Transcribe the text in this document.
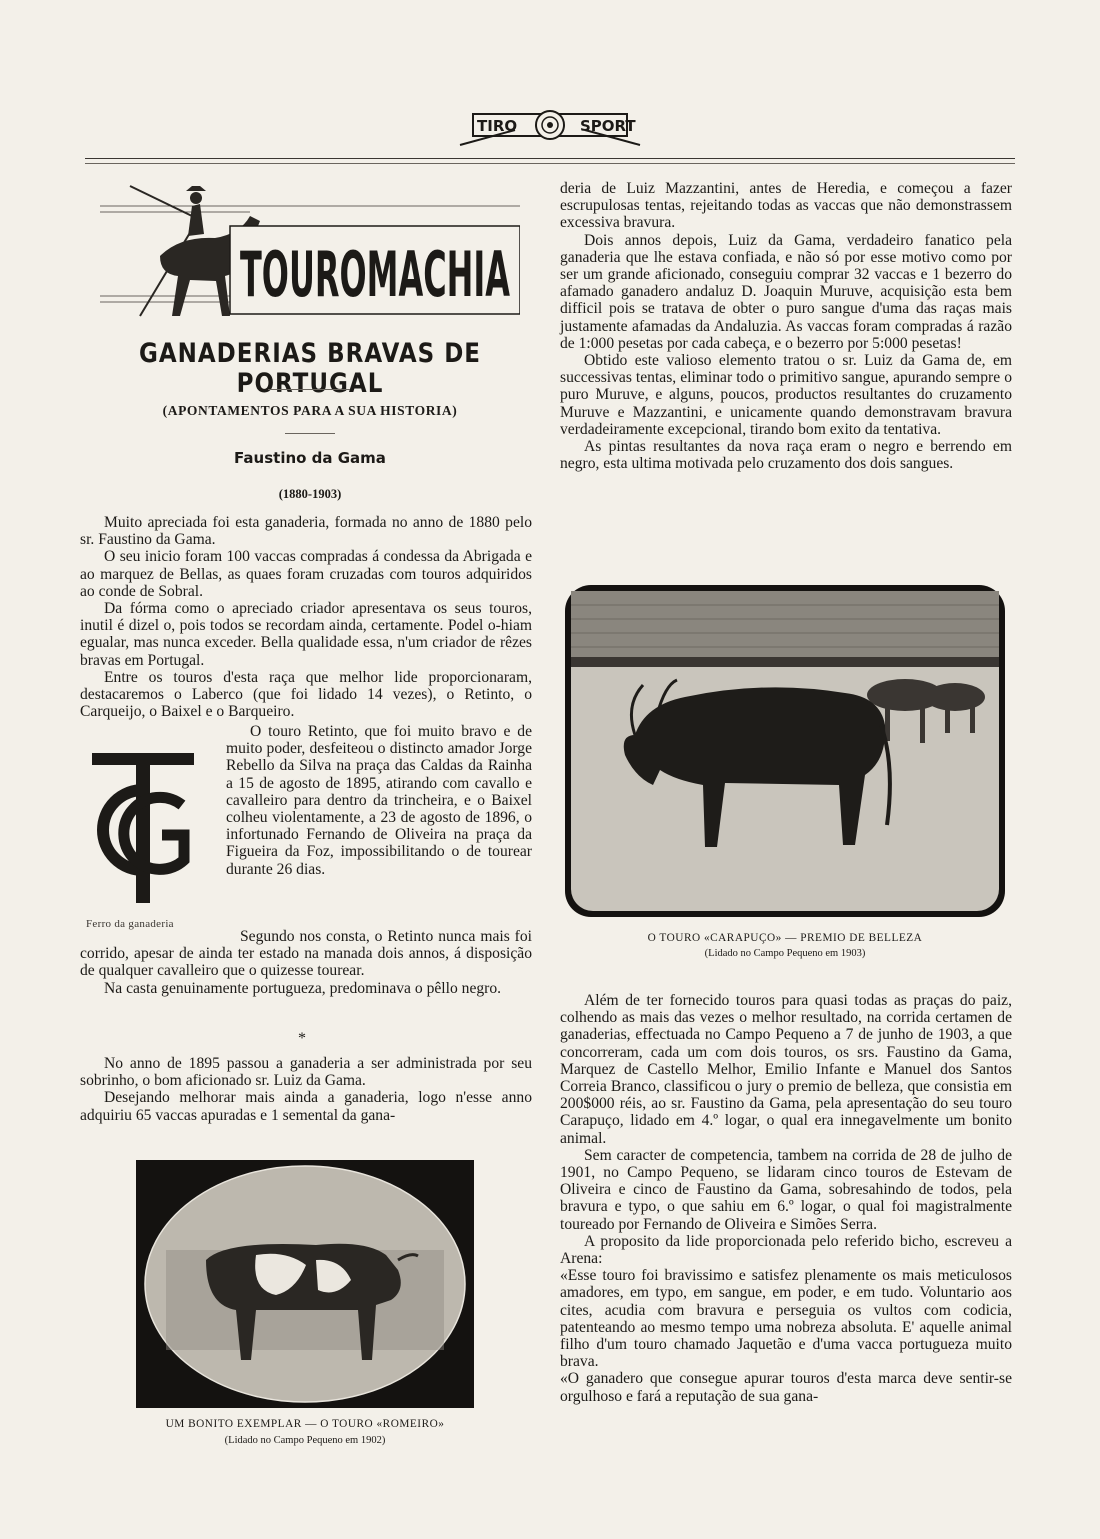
TIRO	SPORT
TOUROMACHIA
GANADERIAS BRAVAS DE PORTUGAL
(APONTAMENTOS PARA A SUA HISTORIA)
Faustino da Gama
(1880-1903)

Muito apreciada foi esta ganaderia, formada no anno de 1880 pelo sr. Faustino da Gama.

O seu inicio foram 100 vaccas compradas á condessa da Abrigada e ao marquez de Bellas, as quaes foram cruzadas com touros adquiridos ao conde de Sobral.

Da fórma como o apreciado criador apresentava os seus touros, inutil é dizel o, pois todos se recordam ainda, certamente. Podel o-hiam egualar, mas nunca exceder. Bella qualidade essa, n'um criador de rêzes bravas em Portugal.

Entre os touros d'esta raça que melhor lide proporcionaram, destacaremos o Laberco (que foi lidado 14 vezes), o Retinto, o Carqueijo, o Baixel e o Barqueiro.

O touro Retinto, que foi muito bravo e de muito poder, desfeiteou o distincto amador Jorge Rebello da Silva na praça das Caldas da Rainha a 15 de agosto de 1895, atirando com cavallo e cavalleiro para dentro da trincheira, e o Baixel colheu violentamente, a 23 de agosto de 1896, o infortunado Fernando de Oliveira na praça da Figueira da Foz, impossibilitando o de tourear durante 26 dias.

Ferro da ganaderia

Segundo nos consta, o Retinto nunca mais foi corrido, apesar de ainda ter estado na manada dois annos, á disposição de qualquer cavalleiro que o quizesse tourear.

Na casta genuinamente portugueza, predominava o pêllo negro.

*

No anno de 1895 passou a ganaderia a ser administrada por seu sobrinho, o bom aficionado sr. Luiz da Gama.

Desejando melhorar mais ainda a ganaderia, logo n'esse anno adquiriu 65 vaccas apuradas e 1 semental da gana-

UM BONITO EXEMPLAR — O TOURO «ROMEIRO»
(Lidado no Campo Pequeno em 1902)

deria de Luiz Mazzantini, antes de Heredia, e começou a fazer escrupulosas tentas, rejeitando todas as vaccas que não demonstrassem excessiva bravura.

Dois annos depois, Luiz da Gama, verdadeiro fanatico pela ganaderia que lhe estava confiada, e não só por esse motivo como por ser um grande aficionado, conseguiu comprar 32 vaccas e 1 bezerro do afamado ganadero andaluz D. Joaquin Muruve, acquisição esta bem difficil pois se tratava de obter o puro sangue d'uma das raças mais justamente afamadas da Andaluzia. As vaccas foram compradas á razão de 1:000 pesetas por cada cabeça, e o bezerro por 5:000 pesetas!

Obtido este valioso elemento tratou o sr. Luiz da Gama de, em successivas tentas, eliminar todo o primitivo sangue, apurando sempre o puro Muruve, e alguns, poucos, productos resultantes do cruzamento Muruve e Mazzantini, e unicamente quando demonstravam bravura verdadeiramente excepcional, tirando bom exito da tentativa.

As pintas resultantes da nova raça eram o negro e berrendo em negro, esta ultima motivada pelo cruzamento dos dois sangues.

O TOURO «CARAPUÇO» — PREMIO DE BELLEZA
(Lidado no Campo Pequeno em 1903)

Além de ter fornecido touros para quasi todas as praças do paiz, colhendo as mais das vezes o melhor resultado, na corrida certamen de ganaderias, effectuada no Campo Pequeno a 7 de junho de 1903, a que concorreram, cada um com dois touros, os srs. Faustino da Gama, Marquez de Castello Melhor, Emilio Infante e Manuel dos Santos Correia Branco, classificou o jury o premio de belleza, que consistia em 200$000 réis, ao sr. Faustino da Gama, pela apresentação do seu touro Carapuço, lidado em 4.º logar, o qual era innegavelmente um bonito animal.

Sem caracter de competencia, tambem na corrida de 28 de julho de 1901, no Campo Pequeno, se lidaram cinco touros de Estevam de Oliveira e cinco de Faustino da Gama, sobresahindo de todos, pela bravura e typo, o que sahiu em 6.º logar, o qual foi magistralmente toureado por Fernando de Oliveira e Simões Serra.

A proposito da lide proporcionada pelo referido bicho, escreveu a Arena:

«Esse touro foi bravissimo e satisfez plenamente os mais meticulosos amadores, em typo, em sangue, em poder, e em tudo. Voluntario aos cites, acudia com bravura e perseguia os vultos com codicia, patenteando ao mesmo tempo uma nobreza absoluta. E' aquelle animal filho d'um touro chamado Jaquetão e d'uma vacca portugueza muito brava.

«O ganadero que consegue apurar touros d'esta marca deve sentir-se orgulhoso e fará a reputação de sua gana-
